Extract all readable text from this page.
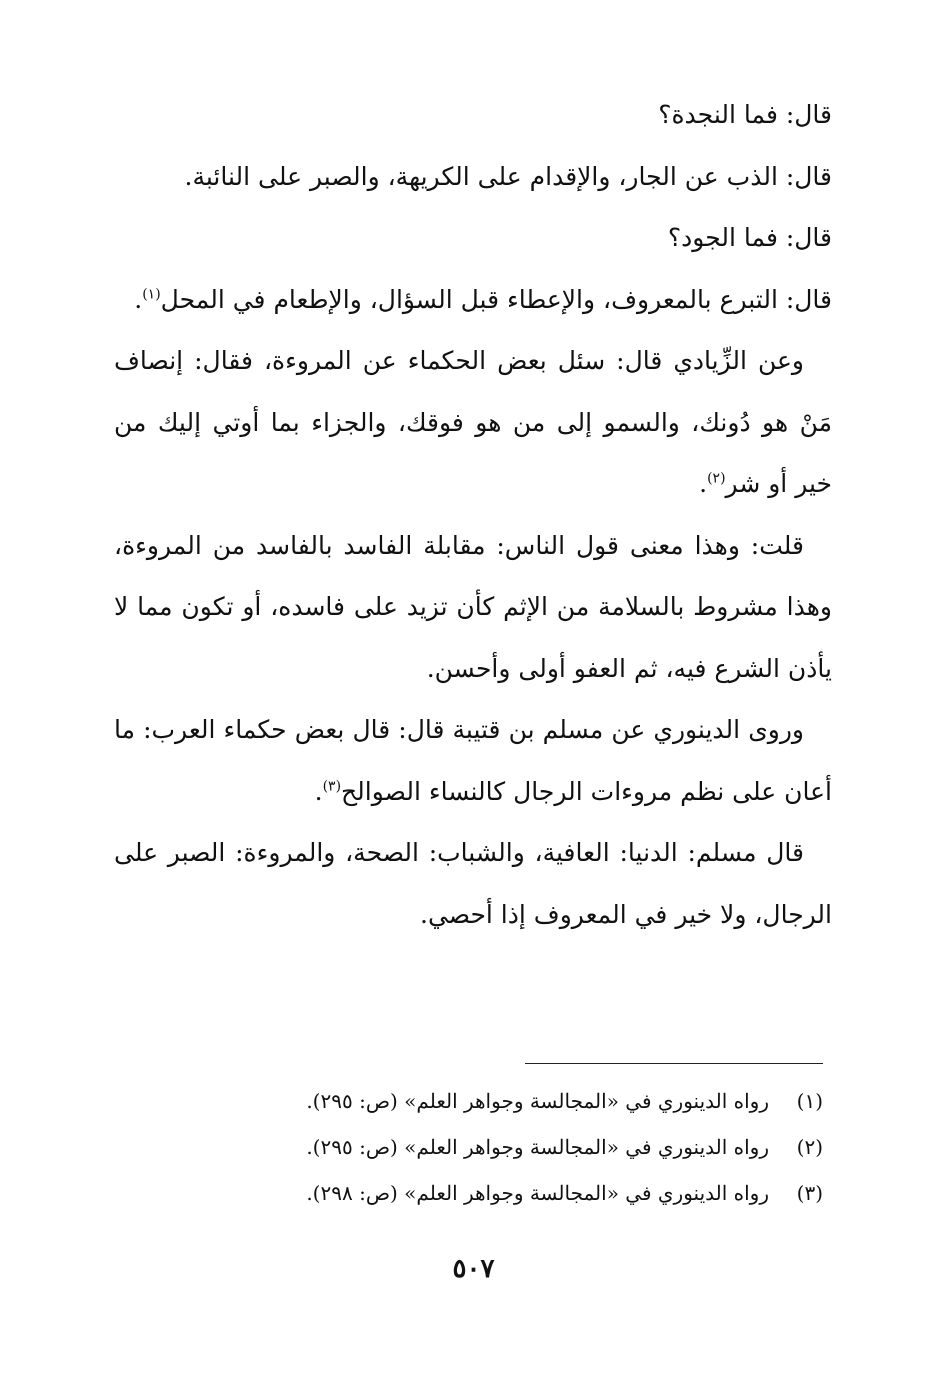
قال: فما النجدة؟

قال: الذب عن الجار، والإقدام على الكريهة، والصبر على النائبة.

قال: فما الجود؟

قال: التبرع بالمعروف، والإعطاء قبل السؤال، والإطعام في المحل$^{(١)}$.

وعن الزِّيادي قال: سئل بعض الحكماء عن المروءة، فقال: إنصاف مَنْ هو دُونك، والسمو إلى من هو فوقك، والجزاء بما أوتي إليك من خير أو شر$^{(٢)}$.

قلت: وهذا معنى قول الناس: مقابلة الفاسد بالفاسد من المروءة، وهذا مشروط بالسلامة من الإثم كأن تزيد على فاسده، أو تكون مما لا يأذن الشرع فيه، ثم العفو أولى وأحسن.

وروى الدينوري عن مسلم بن قتيبة قال: قال بعض حكماء العرب: ما أعان على نظم مروءات الرجال كالنساء الصوالح$^{(٣)}$.

قال مسلم: الدنيا: العافية، والشباب: الصحة، والمروءة: الصبر على الرجال، ولا خير في المعروف إذا أحصي.

(١)
رواه الدينوري في «المجالسة وجواهر العلم» (ص: ٢٩٥).
(٢)
رواه الدينوري في «المجالسة وجواهر العلم» (ص: ٢٩٥).
(٣)
رواه الدينوري في «المجالسة وجواهر العلم» (ص: ٢٩٨).
٥٠٧
